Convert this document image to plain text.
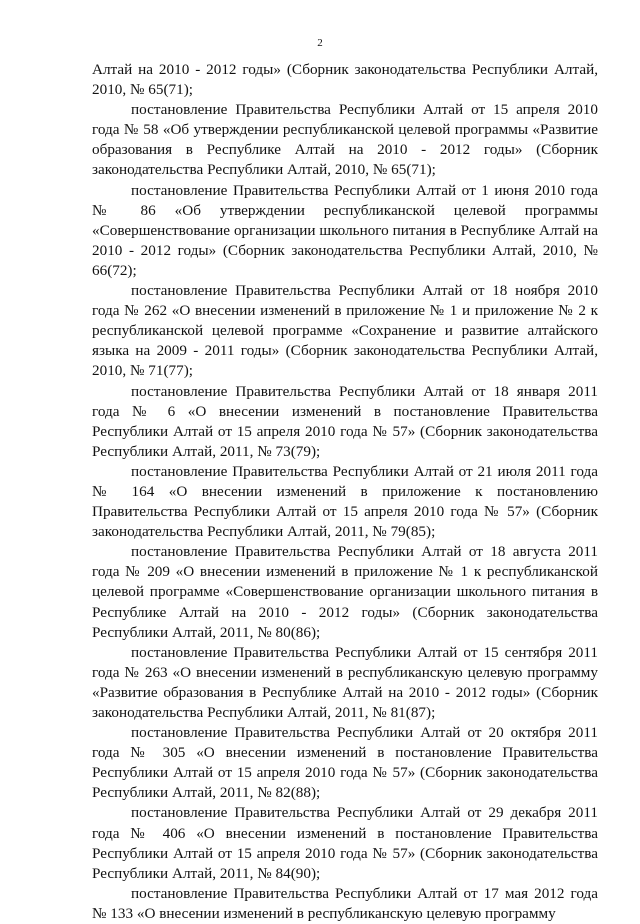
2

Алтай на 2010 - 2012 годы» (Сборник законодательства Республики Алтай, 2010, № 65(71);

постановление Правительства Республики Алтай от 15 апреля 2010 года № 58 «Об утверждении республиканской целевой программы «Развитие образования в Республике Алтай на 2010 - 2012 годы» (Сборник законодательства Республики Алтай, 2010, № 65(71);

постановление Правительства Республики Алтай от 1 июня 2010 года № 86 «Об утверждении республиканской целевой программы «Совершенствование организации школьного питания в Республике Алтай на 2010 - 2012 годы» (Сборник законодательства Республики Алтай, 2010, № 66(72);

постановление Правительства Республики Алтай от 18 ноября 2010 года № 262 «О внесении изменений в приложение № 1 и приложение № 2 к республиканской целевой программе «Сохранение и развитие алтайского языка на 2009 - 2011 годы» (Сборник законодательства Республики Алтай, 2010, № 71(77);

постановление Правительства Республики Алтай от 18 января 2011 года № 6 «О внесении изменений в постановление Правительства Республики Алтай от 15 апреля 2010 года № 57» (Сборник законодательства Республики Алтай, 2011, № 73(79);

постановление Правительства Республики Алтай от 21 июля 2011 года № 164 «О внесении изменений в приложение к постановлению Правительства Республики Алтай от 15 апреля 2010 года № 57» (Сборник законодательства Республики Алтай, 2011, № 79(85);

постановление Правительства Республики Алтай от 18 августа 2011 года № 209 «О внесении изменений в приложение № 1 к республиканской целевой программе «Совершенствование организации школьного питания в Республике Алтай на 2010 - 2012 годы» (Сборник законодательства Республики Алтай, 2011, № 80(86);

постановление Правительства Республики Алтай от 15 сентября 2011 года № 263 «О внесении изменений в республиканскую целевую программу «Развитие образования в Республике Алтай на 2010 - 2012 годы» (Сборник законодательства Республики Алтай, 2011, № 81(87);

постановление Правительства Республики Алтай от 20 октября 2011 года № 305 «О внесении изменений в постановление Правительства Республики Алтай от 15 апреля 2010 года № 57» (Сборник законодательства Республики Алтай, 2011, № 82(88);

постановление Правительства Республики Алтай от 29 декабря 2011 года № 406 «О внесении изменений в постановление Правительства Республики Алтай от 15 апреля 2010 года № 57» (Сборник законодательства Республики Алтай, 2011, № 84(90);

постановление Правительства Республики Алтай от 17 мая 2012 года № 133 «О внесении изменений в республиканскую целевую программу
